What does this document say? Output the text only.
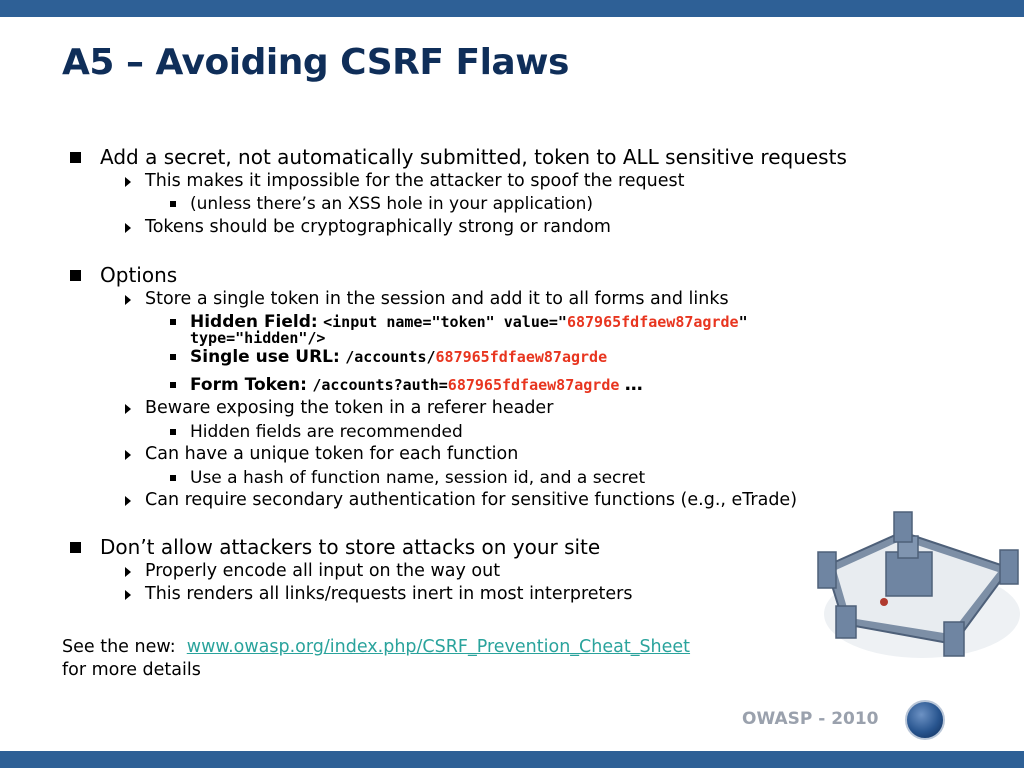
A5 – Avoiding CSRF Flaws
Add a secret, not automatically submitted, token to ALL sensitive requests
This makes it impossible for the attacker to spoof the request
(unless there’s an XSS hole in your application)
Tokens should be cryptographically strong or random
Options
Store a single token in the session and add it to all forms and links
Hidden Field: <input name="token" value="687965fdfaew87agrde"
type="hidden"/>
Single use URL: /accounts/687965fdfaew87agrde
Form Token: /accounts?auth=687965fdfaew87agrde …
Beware exposing the token in a referer header
Hidden fields are recommended
Can have a unique token for each function
Use a hash of function name, session id, and a secret
Can require secondary authentication for sensitive functions (e.g., eTrade)
Don’t allow attackers to store attacks on your site
Properly encode all input on the way out
This renders all links/requests inert in most interpreters
See the new: www.owasp.org/index.php/CSRF_Prevention_Cheat_Sheet
for more details
OWASP - 2010
